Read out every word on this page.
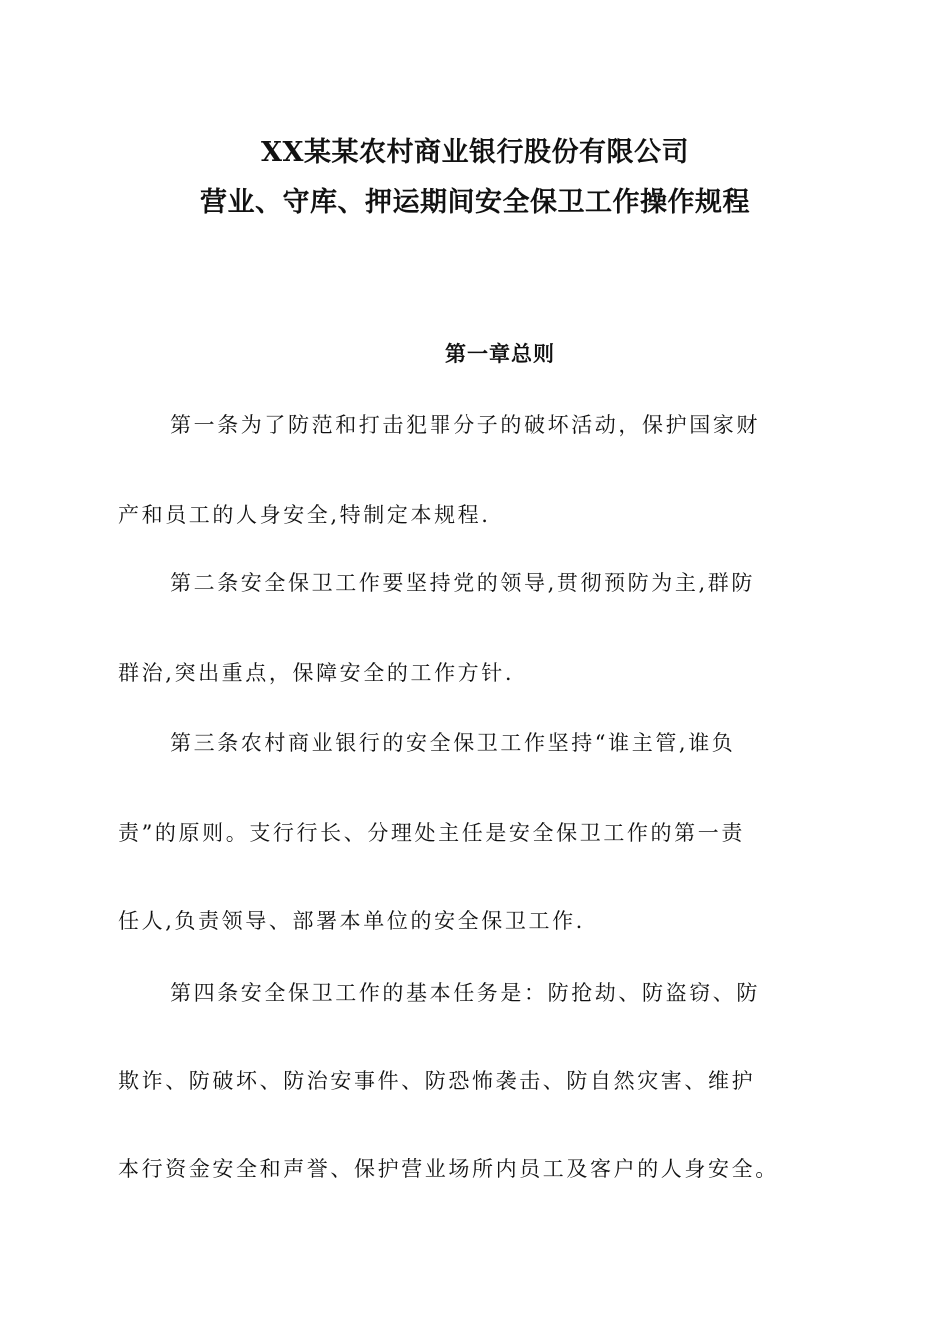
XX某某农村商业银行股份有限公司
营业、守库、押运期间安全保卫工作操作规程
第一章总则
第一条为了防范和打击犯罪分子的破坏活动，保护国家财
产和员工的人身安全,特制定本规程.
第二条安全保卫工作要坚持党的领导,贯彻预防为主,群防
群治,突出重点，保障安全的工作方针.
第三条农村商业银行的安全保卫工作坚持“谁主管,谁负
责”的原则。支行行长、分理处主任是安全保卫工作的第一责
任人,负责领导、部署本单位的安全保卫工作.
第四条安全保卫工作的基本任务是：防抢劫、防盗窃、防
欺诈、防破坏、防治安事件、防恐怖袭击、防自然灾害、维护
本行资金安全和声誉、保护营业场所内员工及客户的人身安全。
